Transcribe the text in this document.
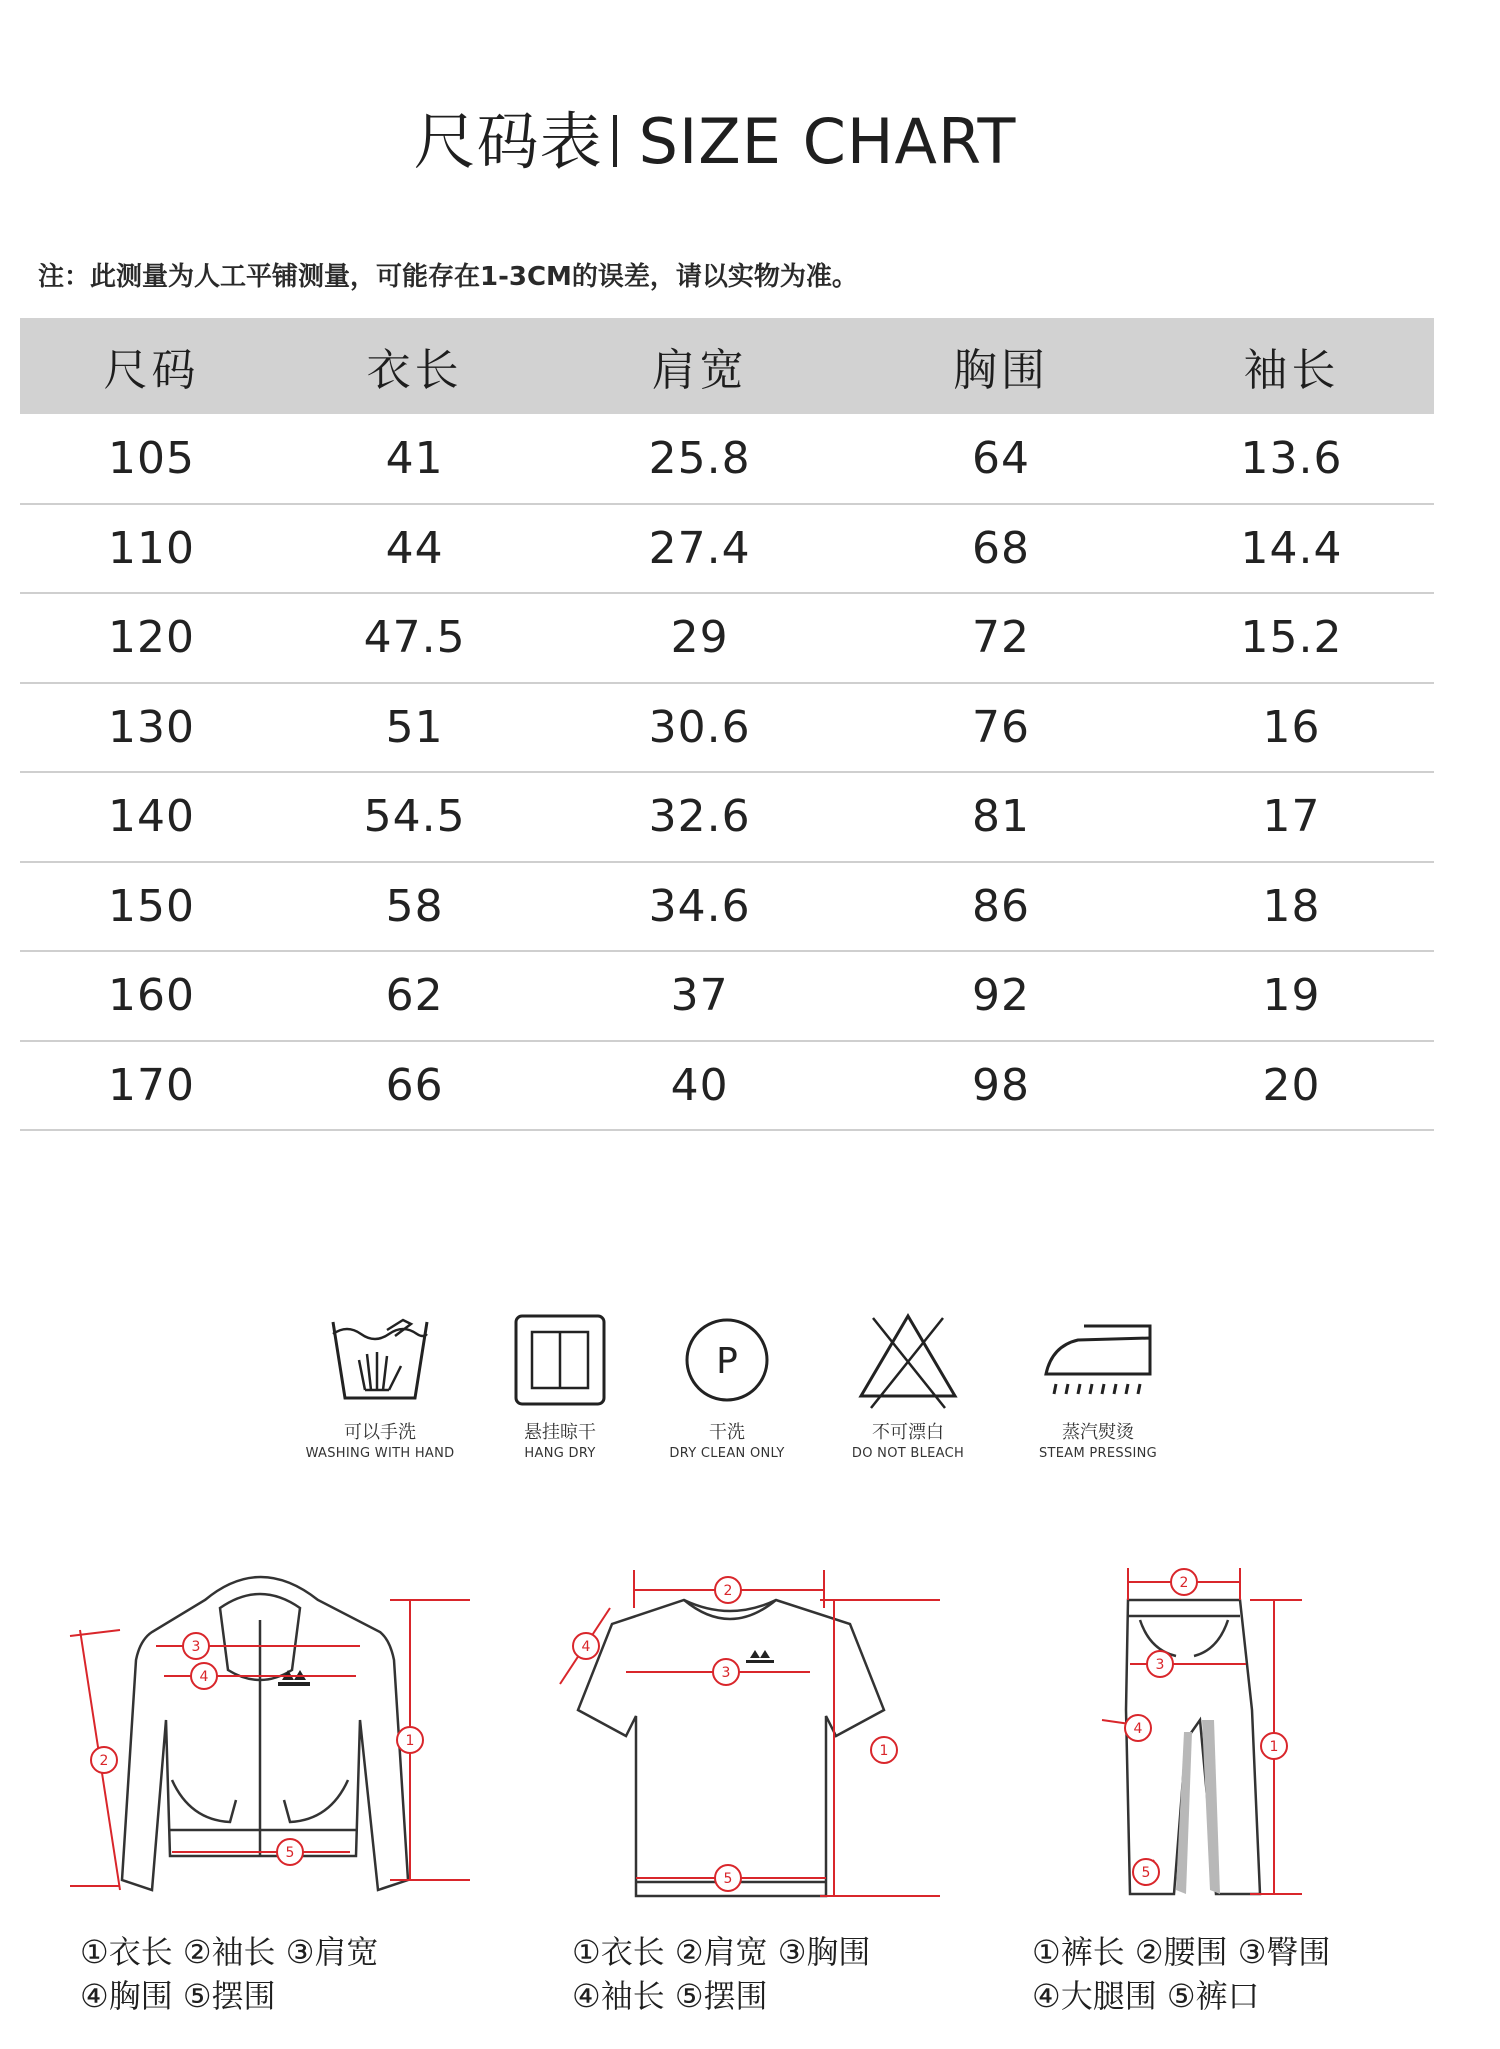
尺码表 SIZE CHART
注：此测量为人工平铺测量，可能存在1-3CM的误差，请以实物为准。
尺码	衣长	肩宽	胸围	袖长
105	41	25.8	64	13.6
110	44	27.4	68	14.4
120	47.5	29	72	15.2
130	51	30.6	76	16
140	54.5	32.6	81	17
150	58	34.6	86	18
160	62	37	92	19
170	66	40	98	20
可以手洗
WASHING WITH HAND
悬挂晾干
HANG DRY
P
干洗
DRY CLEAN ONLY
不可漂白
DO NOT BLEACH
蒸汽熨烫
STEAM PRESSING
1
2
3
4
5
①衣长 ②袖长 ③肩宽
④胸围 ⑤摆围
2
3
1
4
5
①衣长 ②肩宽 ③胸围
④袖长 ⑤摆围
2
3
1
4
5
①裤长 ②腰围 ③臀围
④大腿围 ⑤裤口
